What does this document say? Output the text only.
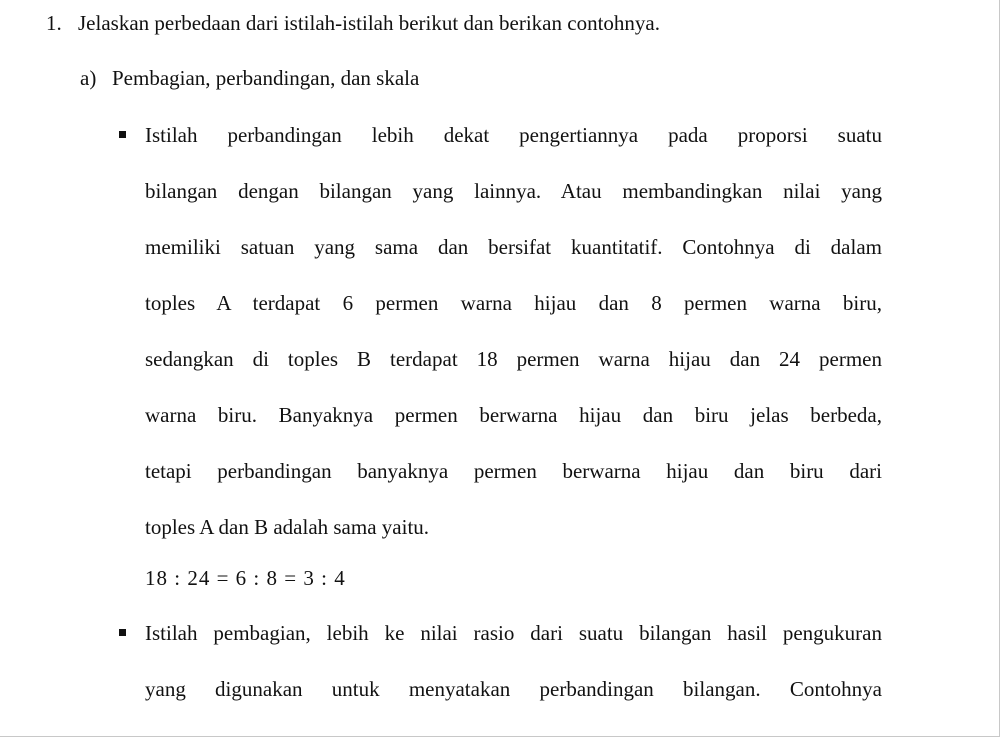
1. Jelaskan perbedaan dari istilah-istilah berikut dan berikan contohnya.
a) Pembagian, perbandingan, dan skala
Istilah perbandingan lebih dekat pengertiannya pada proporsi suatu
bilangan dengan bilangan yang lainnya. Atau membandingkan nilai yang
memiliki satuan yang sama dan bersifat kuantitatif. Contohnya di dalam
toples A terdapat 6 permen warna hijau dan 8 permen warna biru,
sedangkan di toples B terdapat 18 permen warna hijau dan 24 permen
warna biru. Banyaknya permen berwarna hijau dan biru jelas berbeda,
tetapi perbandingan banyaknya permen berwarna hijau dan biru dari
toples A dan B adalah sama yaitu.
18 : 24 = 6 : 8 = 3 : 4
Istilah pembagian, lebih ke nilai rasio dari suatu bilangan hasil pengukuran
yang digunakan untuk menyatakan perbandingan bilangan. Contohnya
